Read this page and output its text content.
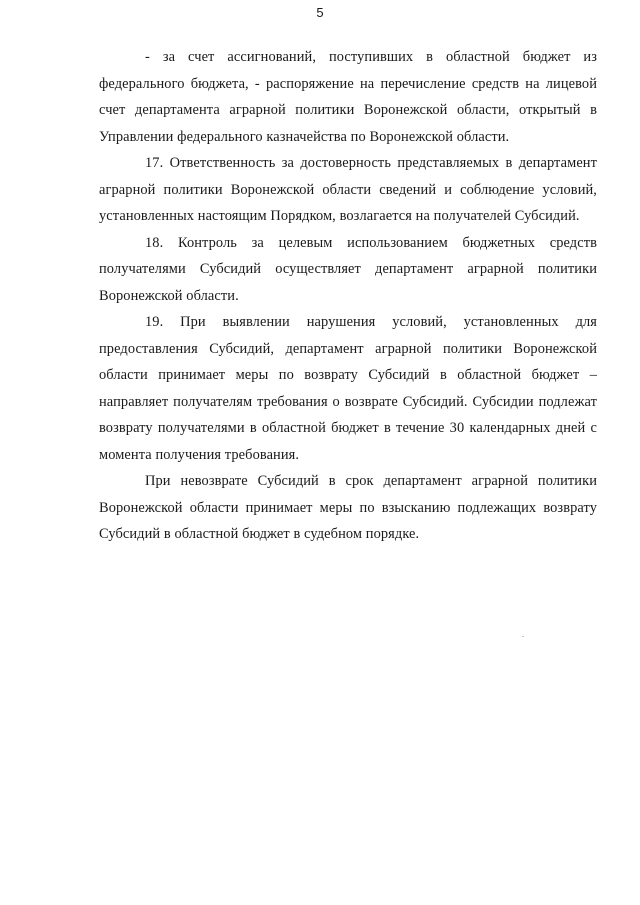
5

- за счет ассигнований, поступивших в областной бюджет из федерального бюджета, - распоряжение на перечисление средств на лицевой счет департамента аграрной политики Воронежской области, открытый в Управлении федерального казначейства по Воронежской области.

17. Ответственность за достоверность представляемых в департамент аграрной политики Воронежской области сведений и соблюдение условий, установленных настоящим Порядком, возлагается на получателей Субсидий.

18. Контроль за целевым использованием бюджетных средств получателями Субсидий осуществляет департамент аграрной политики Воронежской области.

19. При выявлении нарушения условий, установленных для предоставления Субсидий, департамент аграрной политики Воронежской области принимает меры по возврату Субсидий в областной бюджет – направляет получателям требования о возврате Субсидий. Субсидии подлежат возврату получателями в областной бюджет в течение 30 календарных дней с момента получения требования.

При невозврате Субсидий в срок департамент аграрной политики Воронежской области принимает меры по взысканию подлежащих возврату Субсидий в областной бюджет в судебном порядке.
